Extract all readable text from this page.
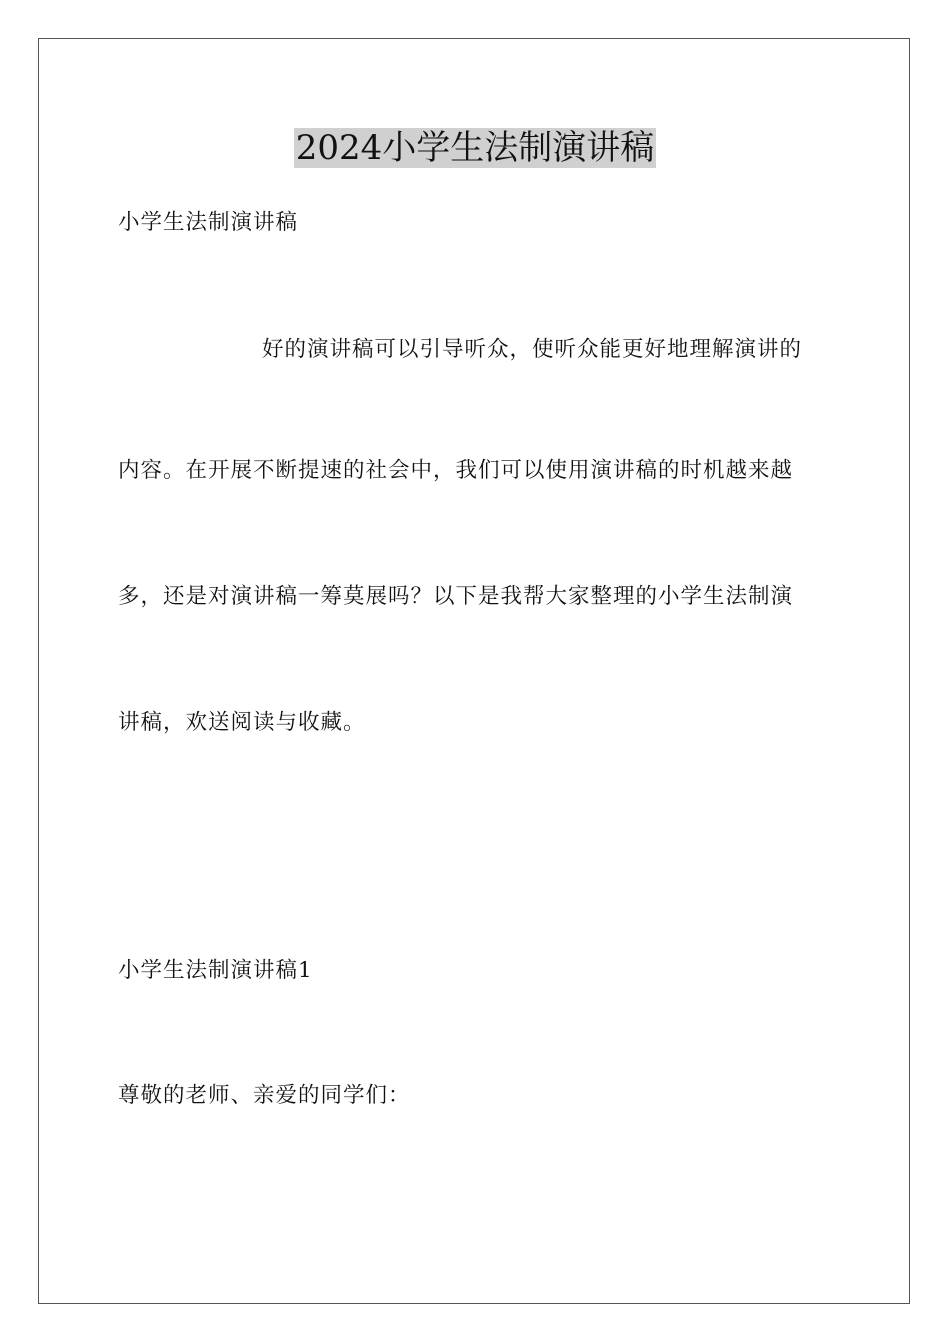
2024小学生法制演讲稿

小学生法制演讲稿

好的演讲稿可以引导听众，使听众能更好地理解演讲的

内容。在开展不断提速的社会中，我们可以使用演讲稿的时机越来越

多，还是对演讲稿一筹莫展吗？以下是我帮大家整理的小学生法制演

讲稿，欢送阅读与收藏。

小学生法制演讲稿1

尊敬的老师、亲爱的同学们：
